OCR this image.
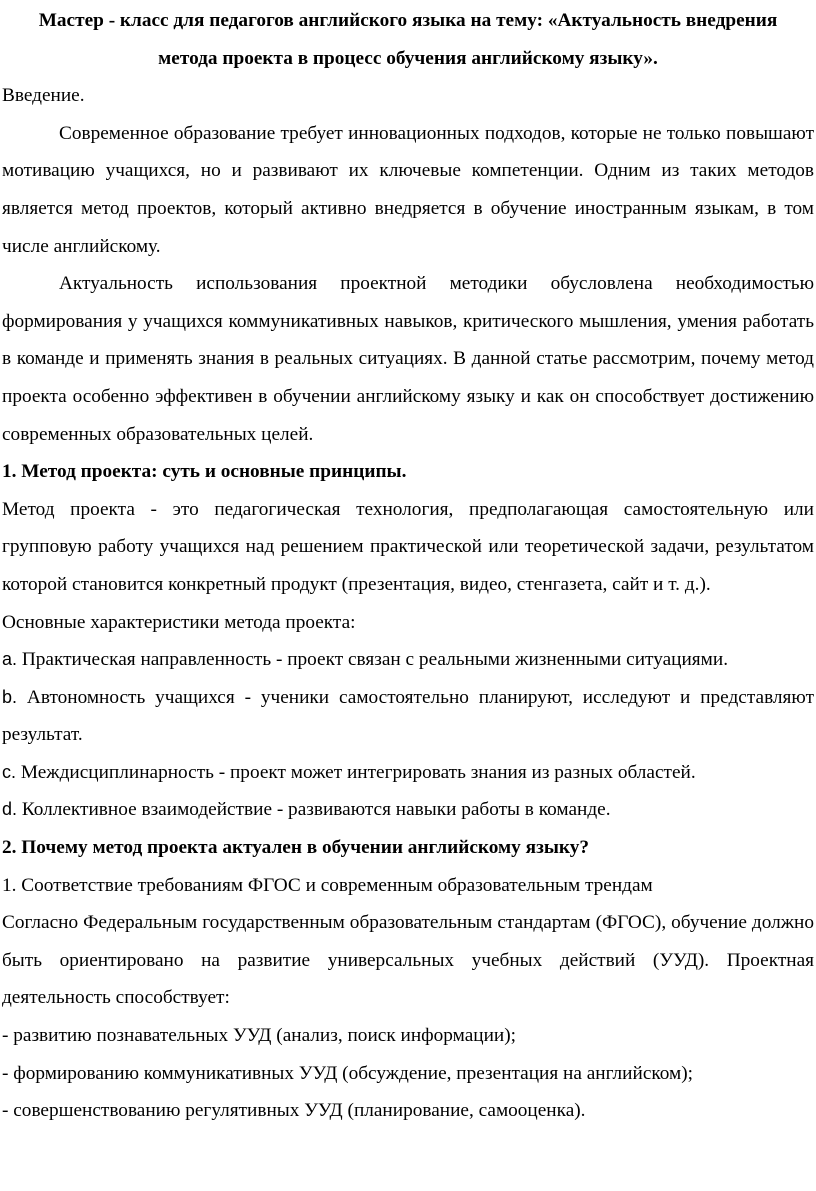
Мастер - класс для педагогов английского языка на тему: «Актуальность внедрения метода проекта в процесс обучения английскому языку».

Введение.

Современное образование требует инновационных подходов, которые не только повышают мотивацию учащихся, но и развивают их ключевые компетенции. Одним из таких методов является метод проектов, который активно внедряется в обучение иностранным языкам, в том числе английскому.

Актуальность использования проектной методики обусловлена необходимостью формирования у учащихся коммуникативных навыков, критического мышления, умения работать в команде и применять знания в реальных ситуациях. В данной статье рассмотрим, почему метод проекта особенно эффективен в обучении английскому языку и как он способствует достижению современных образовательных целей.

1. Метод проекта: суть и основные принципы.

Метод проекта - это педагогическая технология, предполагающая самостоятельную или групповую работу учащихся над решением практической или теоретической задачи, результатом которой становится конкретный продукт (презентация, видео, стенгазета, сайт и т. д.).

Основные характеристики метода проекта:

a. Практическая направленность - проект связан с реальными жизненными ситуациями.

b. Автономность учащихся - ученики самостоятельно планируют, исследуют и представляют результат.

c. Междисциплинарность - проект может интегрировать знания из разных областей.

d. Коллективное взаимодействие - развиваются навыки работы в команде.

2. Почему метод проекта актуален в обучении английскому языку?

1. Соответствие требованиям ФГОС и современным образовательным трендам

Согласно Федеральным государственным образовательным стандартам (ФГОС), обучение должно быть ориентировано на развитие универсальных учебных действий (УУД). Проектная деятельность способствует:

- развитию познавательных УУД (анализ, поиск информации);

- формированию коммуникативных УУД (обсуждение, презентация на английском);

- совершенствованию регулятивных УУД (планирование, самооценка).
